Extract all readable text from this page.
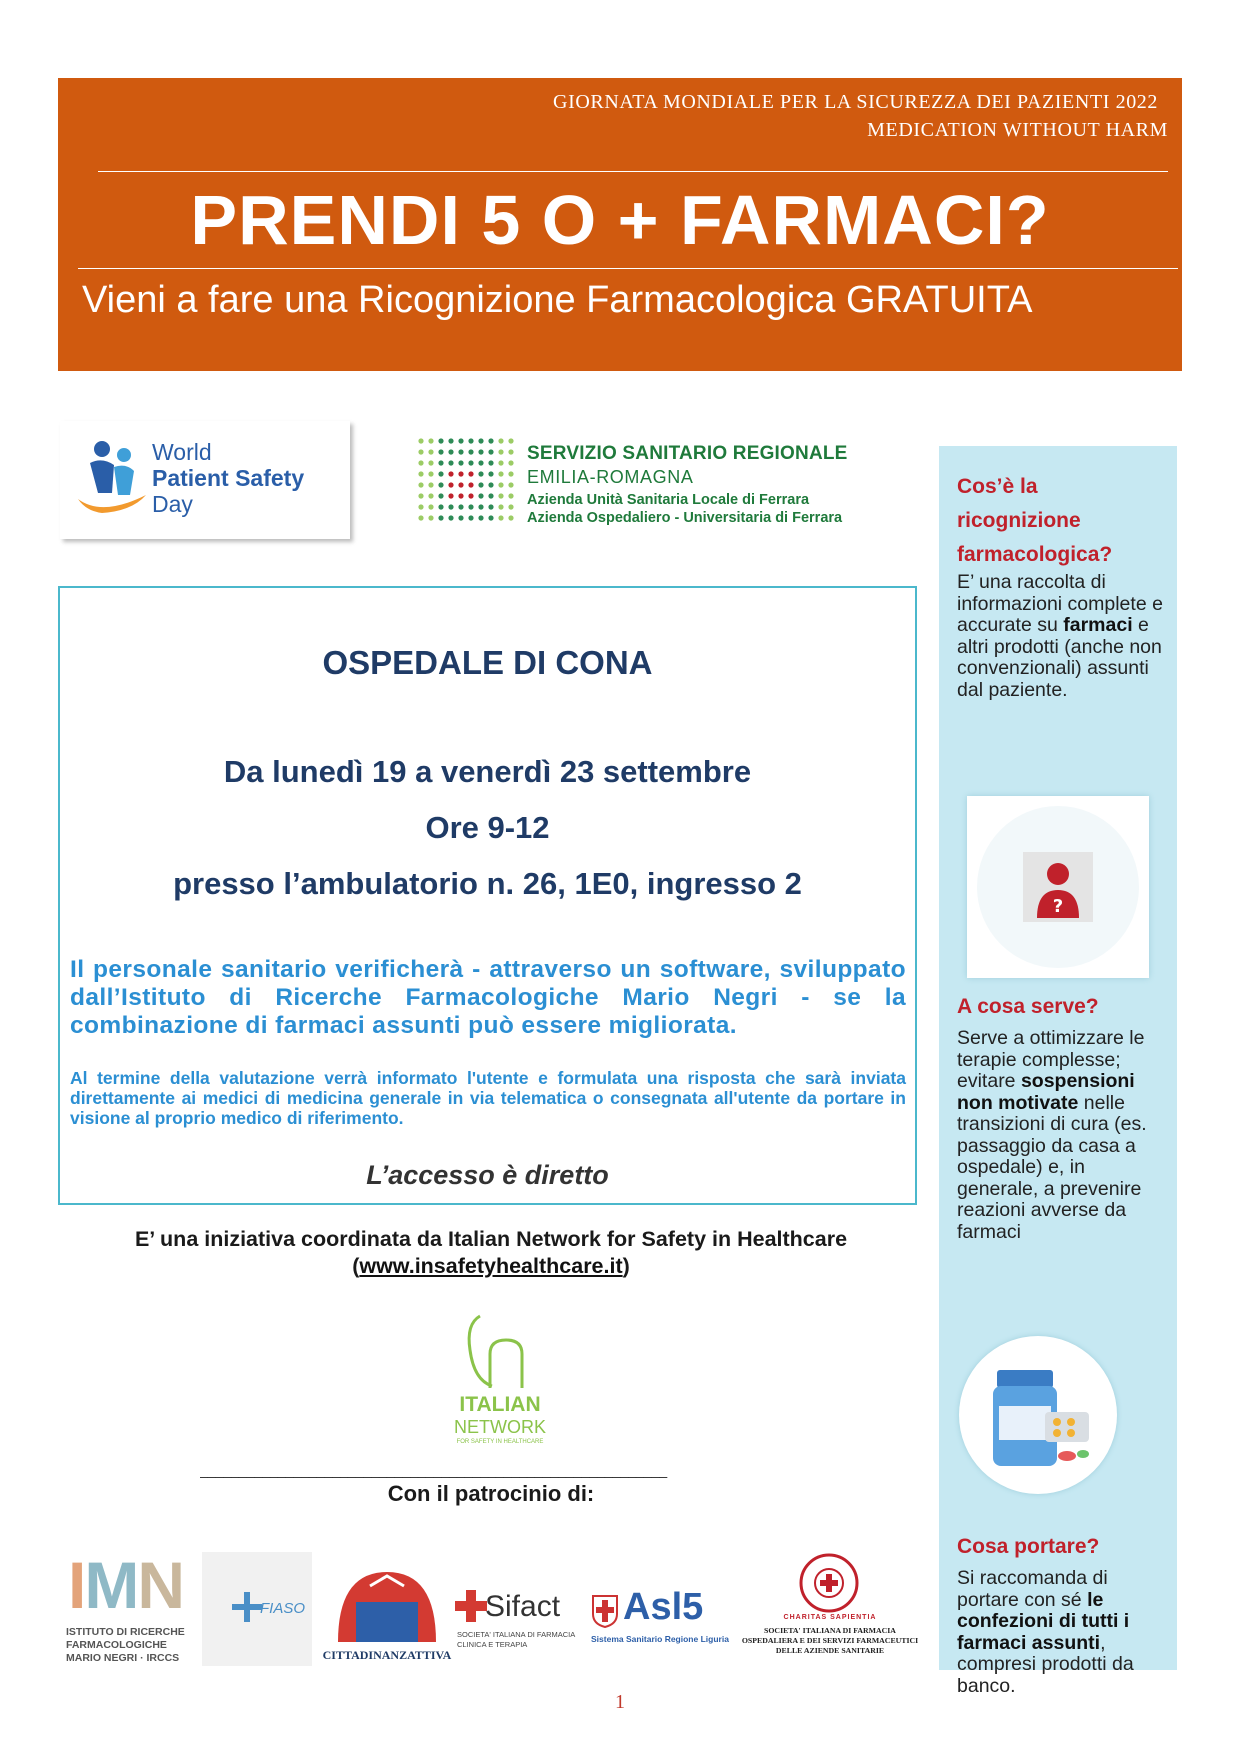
GIORNATA MONDIALE PER LA SICUREZZA DEI PAZIENTI 2022
MEDICATION WITHOUT HARM
PRENDI 5 O + FARMACI?
Vieni a fare una Ricognizione Farmacologica GRATUITA
World
Patient Safety
Day
SERVIZIO SANITARIO REGIONALE
EMILIA-ROMAGNA
Azienda Unità Sanitaria Locale di Ferrara
Azienda Ospedaliero - Universitaria di Ferrara
Cos’è la
ricognizione
farmacologica?
E’ una raccolta di informazioni complete e accurate su farmaci e altri prodotti (anche non convenzionali) assunti dal paziente.
?
A cosa serve?
Serve a ottimizzare le terapie complesse; evitare sospensioni non motivate nelle transizioni di cura (es. passaggio da casa a ospedale) e, in generale, a prevenire reazioni avverse da farmaci
Cosa portare?
Si raccomanda di portare con sé le confezioni di tutti i farmaci assunti, compresi prodotti da banco.
OSPEDALE DI CONA
Da lunedì 19 a venerdì 23 settembre
Ore 9-12
presso l’ambulatorio n. 26, 1E0, ingresso 2
Il personale sanitario verificherà - attraverso un software, sviluppato dall’Istituto di Ricerche Farmacologiche Mario Negri - se la combinazione di farmaci assunti può essere migliorata.
Al termine della valutazione verrà informato l'utente e formulata una risposta che sarà inviata direttamente ai medici di medicina generale in via telematica o consegnata all'utente da portare in visione al proprio medico di riferimento.
L’accesso è diretto
E’ una iniziativa coordinata da Italian Network for Safety in Healthcare
(www.insafetyhealthcare.it)
ITALIAN
NETWORK
FOR SAFETY IN HEALTHCARE
____________________________________________________________
Con il patrocinio di:
IMN
ISTITUTO DI RICERCHE
FARMACOLOGICHE
MARIO NEGRI · IRCCS
FIASO
CITTADINANZATTIVA
Sifact
SOCIETA' ITALIANA DI FARMACIA
CLINICA E TERAPIA
Asl5
Sistema Sanitario Regione Liguria
CHARITAS SAPIENTIA
SOCIETA' ITALIANA DI FARMACIA
OSPEDALIERA E DEI SERVIZI FARMACEUTICI
DELLE AZIENDE SANITARIE
1
